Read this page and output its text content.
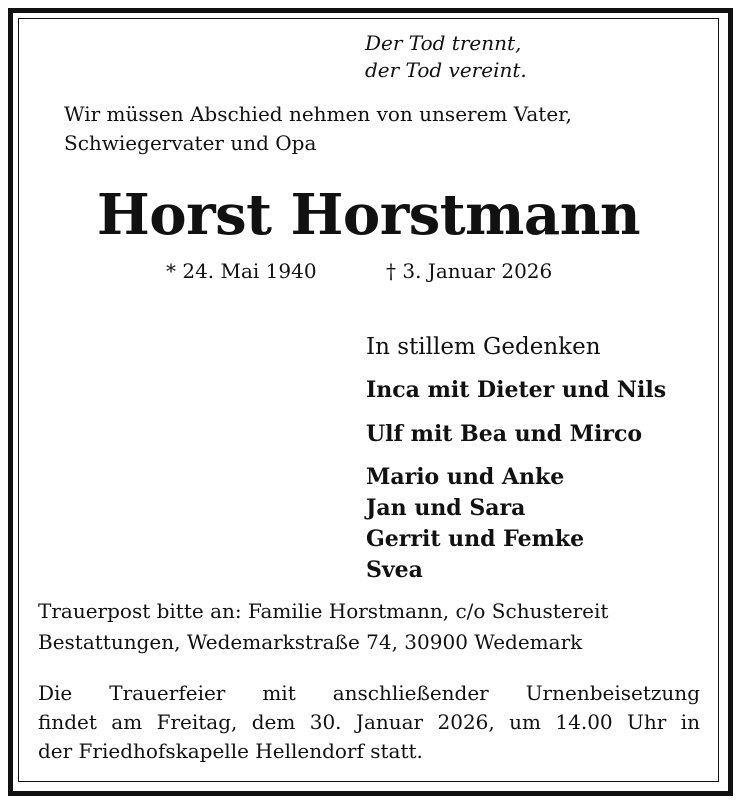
Der Tod trennt,
der Tod vereint.
Wir müssen Abschied nehmen von unserem Vater,
Schwiegervater und Opa
Horst Horstmann
* 24. Mai 1940	† 3. Januar 2026
In stillem Gedenken
Inca mit Dieter und Nils
Ulf mit Bea und Mirco
Mario und Anke
Jan und Sara
Gerrit und Femke
Svea
Trauerpost bitte an: Familie Horstmann, c/o Schustereit
Bestattungen, Wedemarkstraße 74, 30900 Wedemark
Die Trauerfeier mit anschließender Urnenbeisetzung
findet am Freitag, dem 30. Januar 2026, um 14.00 Uhr in
der Friedhofskapelle Hellendorf statt.
